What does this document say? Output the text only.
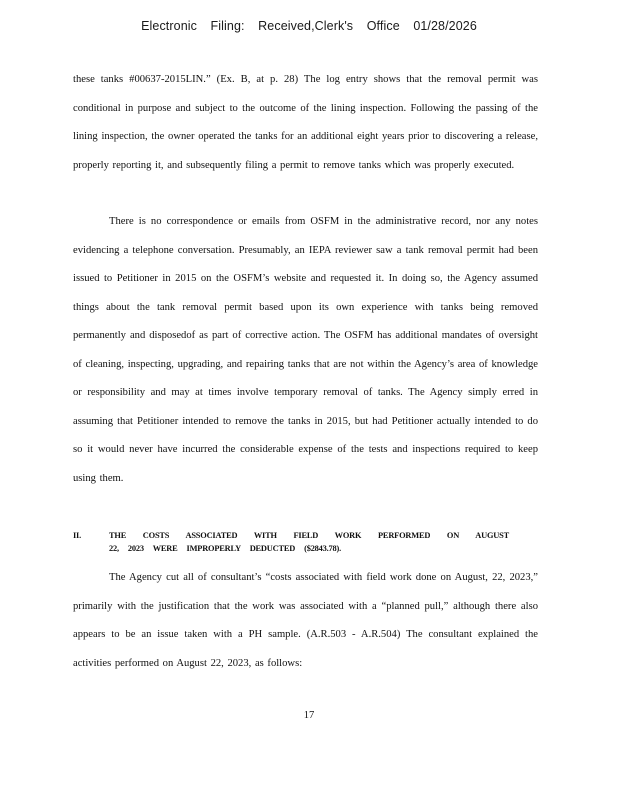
Electronic Filing: Received,Clerk's Office 01/28/2026

these tanks #00637-2015LIN.” (Ex. B, at p. 28) The log entry shows that the removal permit was conditional in purpose and subject to the outcome of the lining inspection. Following the passing of the lining inspection, the owner operated the tanks for an additional eight years prior to discovering a release, properly reporting it, and subsequently filing a permit to remove tanks which was properly executed.

There is no correspondence or emails from OSFM in the administrative record, nor any notes evidencing a telephone conversation. Presumably, an IEPA reviewer saw a tank removal permit had been issued to Petitioner in 2015 on the OSFM’s website and requested it. In doing so, the Agency assumed things about the tank removal permit based upon its own experience with tanks being removed permanently and disposedof as part of corrective action. The OSFM has additional mandates of oversight of cleaning, inspecting, upgrading, and repairing tanks that are not within the Agency’s area of knowledge or responsibility and may at times involve temporary removal of tanks. The Agency simply erred in assuming that Petitioner intended to remove the tanks in 2015, but had Petitioner actually intended to do so it would never have incurred the considerable expense of the tests and inspections required to keep using them.

II.	THE COSTS ASSOCIATED WITH FIELD WORK PERFORMED ON AUGUST
22, 2023 WERE IMPROPERLY DEDUCTED ($2843.78).

The Agency cut all of consultant’s “costs associated with field work done on August, 22, 2023,” primarily with the justification that the work was associated with a “planned pull,” although there also appears to be an issue taken with a PH sample. (A.R.503 - A.R.504) The consultant explained the activities performed on August 22, 2023, as follows:

17
